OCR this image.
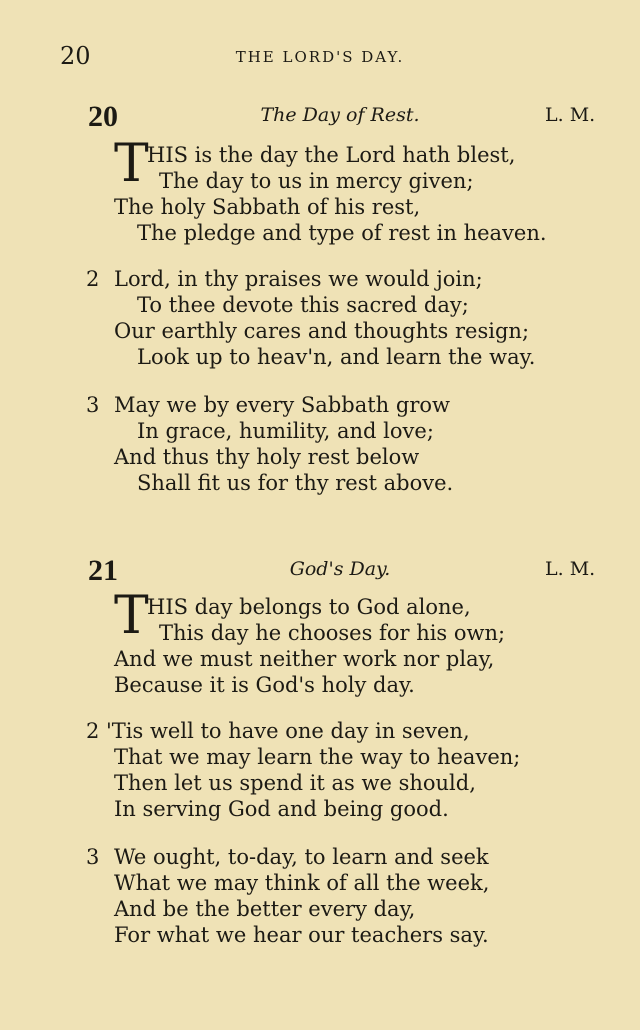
20	THE LORD'S DAY.
20	The Day of Rest.	L. M.
T
HIS is the day the Lord hath blest,
The day to us in mercy given;
The holy Sabbath of his rest,
The pledge and type of rest in heaven.
2 Lord, in thy praises we would join;
To thee devote this sacred day;
Our earthly cares and thoughts resign;
Look up to heav'n, and learn the way.
3 May we by every Sabbath grow
In grace, humility, and love;
And thus thy holy rest below
Shall fit us for thy rest above.
21	God's Day.	L. M.
T
HIS day belongs to God alone,
This day he chooses for his own;
And we must neither work nor play,
Because it is God's holy day.
2 'Tis well to have one day in seven,
That we may learn the way to heaven;
Then let us spend it as we should,
In serving God and being good.
3 We ought, to-day, to learn and seek
What we may think of all the week,
And be the better every day,
For what we hear our teachers say.
